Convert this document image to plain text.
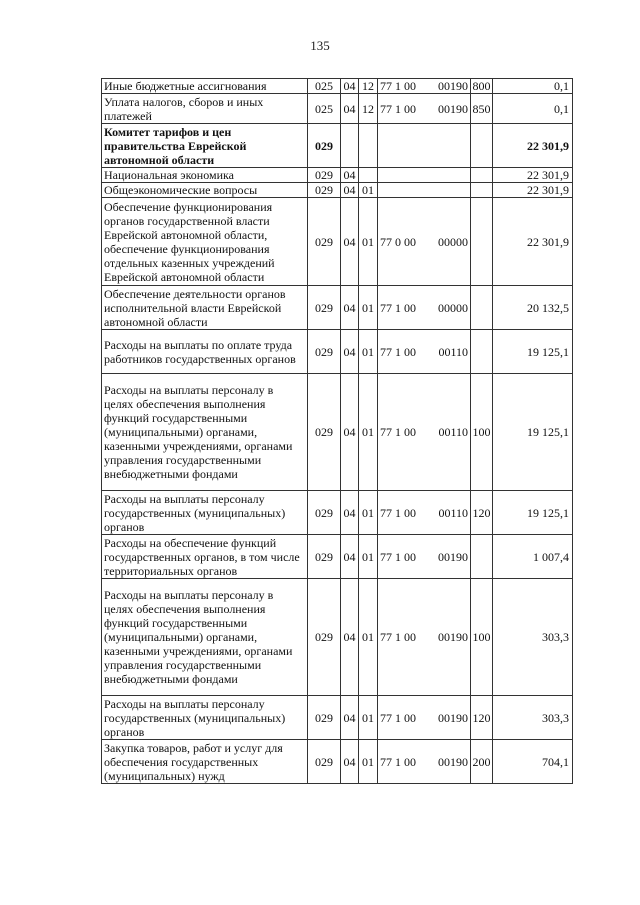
135
Иные бюджетные ассигнования	025	04	12	77 1 00 00190	800	0,1
Уплата налогов, сборов и иных платежей	025	04	12	77 1 00 00190	850	0,1
Комитет тарифов и цен правительства Еврейской автономной области	029					22 301,9
Национальная экономика	029	04				22 301,9
Общеэкономические вопросы	029	04	01			22 301,9
Обеспечение функционирования органов государственной власти Еврейской автономной области, обеспечение функционирования отдельных казенных учреждений Еврейской автономной области	029	04	01	77 0 00 00000		22 301,9
Обеспечение деятельности органов исполнительной власти Еврейской автономной области	029	04	01	77 1 00 00000		20 132,5
Расходы на выплаты по оплате труда работников государственных органов	029	04	01	77 1 00 00110		19 125,1
Расходы на выплаты персоналу в целях обеспечения выполнения функций государственными (муниципальными) органами, казенными учреждениями, органами управления государственными внебюджетными фондами	029	04	01	77 1 00 00110	100	19 125,1
Расходы на выплаты персоналу государственных (муниципальных) органов	029	04	01	77 1 00 00110	120	19 125,1
Расходы на обеспечение функций государственных органов, в том числе территориальных органов	029	04	01	77 1 00 00190		1 007,4
Расходы на выплаты персоналу в целях обеспечения выполнения функций государственными (муниципальными) органами, казенными учреждениями, органами управления государственными внебюджетными фондами	029	04	01	77 1 00 00190	100	303,3
Расходы на выплаты персоналу государственных (муниципальных) органов	029	04	01	77 1 00 00190	120	303,3
Закупка товаров, работ и услуг для обеспечения государственных (муниципальных) нужд	029	04	01	77 1 00 00190	200	704,1
